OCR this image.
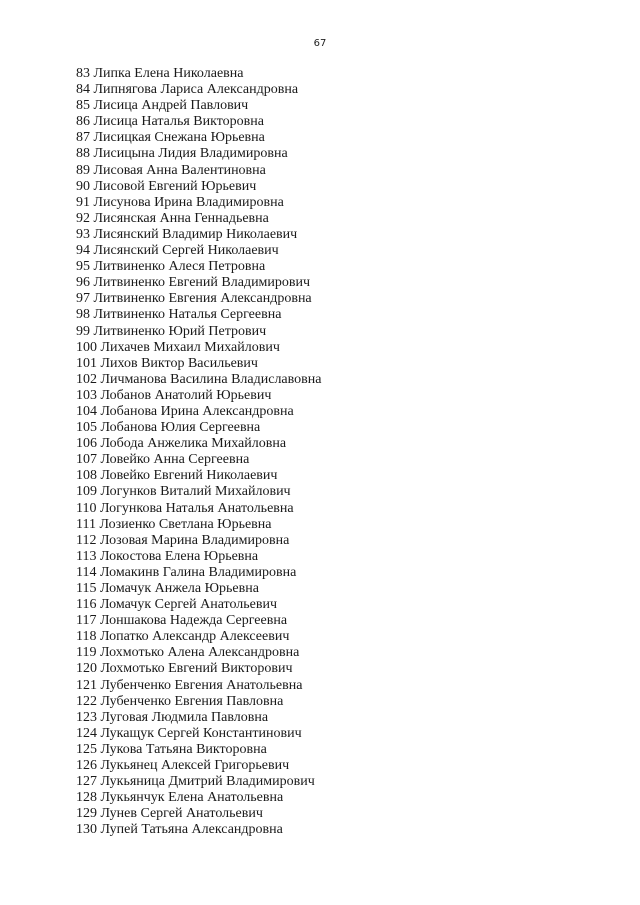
67
83 Липка Елена Николаевна
84 Липнягова Лариса Александровна
85 Лисица Андрей Павлович
86 Лисица Наталья Викторовна
87 Лисицкая Снежана Юрьевна
88 Лисицына Лидия Владимировна
89 Лисовая Анна Валентиновна
90 Лисовой Евгений Юрьевич
91 Лисунова Ирина Владимировна
92 Лисянская Анна Геннадьевна
93 Лисянский Владимир Николаевич
94 Лисянский Сергей Николаевич
95 Литвиненко Алеся Петровна
96 Литвиненко Евгений Владимирович
97 Литвиненко Евгения Александровна
98 Литвиненко Наталья Сергеевна
99 Литвиненко Юрий Петрович
100 Лихачев Михаил Михайлович
101 Лихов Виктор Васильевич
102 Личманова Василина Владиславовна
103 Лобанов Анатолий Юрьевич
104 Лобанова Ирина Александровна
105 Лобанова Юлия Сергеевна
106 Лобода Анжелика Михайловна
107 Ловейко Анна Сергеевна
108 Ловейко Евгений Николаевич
109 Логунков Виталий Михайлович
110 Логункова Наталья Анатольевна
111 Лозиенко Светлана Юрьевна
112 Лозовая Марина Владимировна
113 Локостова Елена Юрьевна
114 Ломакинв Галина Владимировна
115 Ломачук Анжела Юрьевна
116 Ломачук Сергей Анатольевич
117 Лоншакова Надежда Сергеевна
118 Лопатко Александр Алексеевич
119 Лохмотько Алена Александровна
120 Лохмотько Евгений Викторович
121 Лубенченко Евгения Анатольевна
122 Лубенченко Евгения Павловна
123 Луговая Людмила Павловна
124 Лукащук Сергей Константинович
125 Лукова Татьяна Викторовна
126 Лукьянец Алексей Григорьевич
127 Лукьяница Дмитрий Владимирович
128 Лукьянчук Елена Анатольевна
129 Лунев Сергей Анатольевич
130 Лупей Татьяна Александровна
